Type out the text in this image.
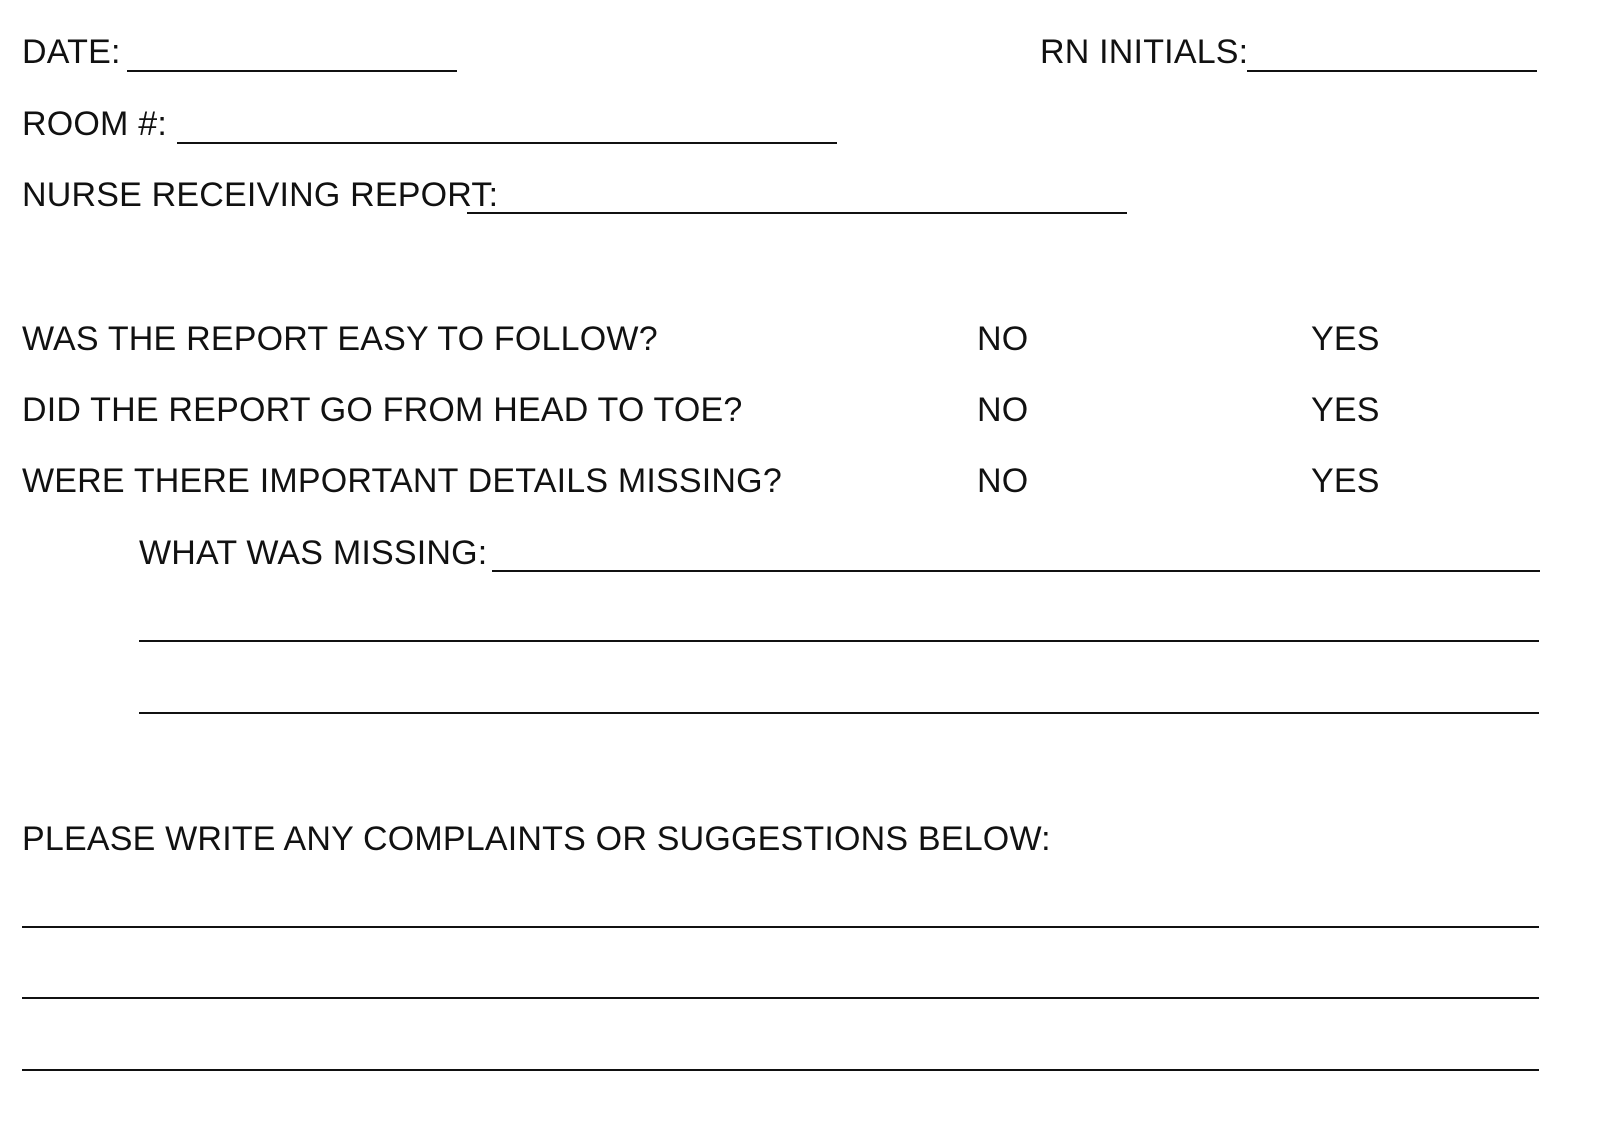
DATE:	RN INITIALS:
ROOM #:
NURSE RECEIVING REPORT:
WAS THE REPORT EASY TO FOLLOW?	NO	YES
DID THE REPORT GO FROM HEAD TO TOE?	NO	YES
WERE THERE IMPORTANT DETAILS MISSING?	NO	YES
WHAT WAS MISSING:
PLEASE WRITE ANY COMPLAINTS OR SUGGESTIONS BELOW:
